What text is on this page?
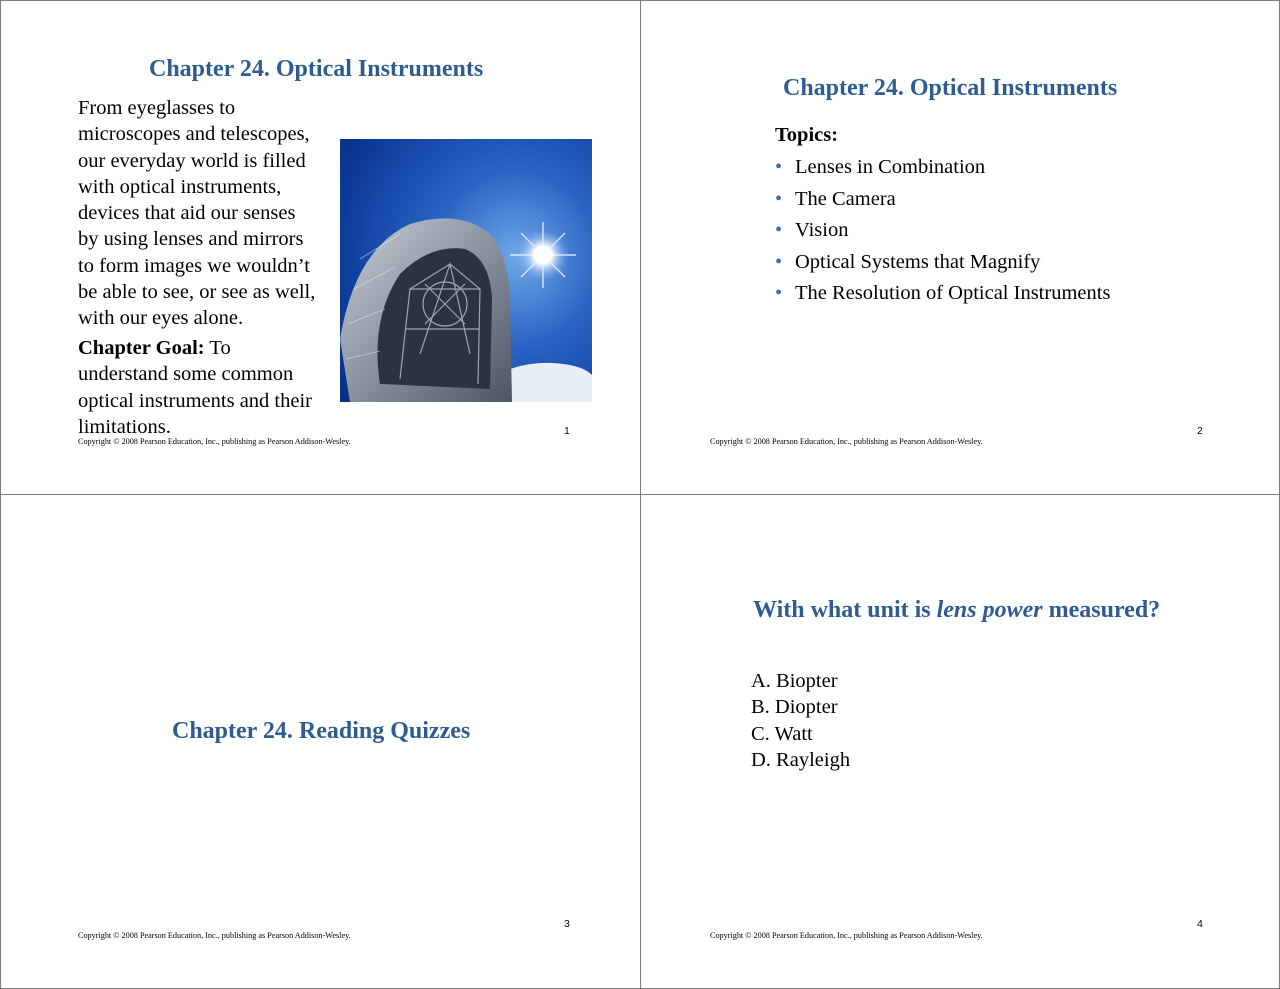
Chapter 24. Optical Instruments
From eyeglasses to
microscopes and telescopes,
our everyday world is filled
with optical instruments,
devices that aid our senses
by using lenses and mirrors
to form images we wouldn’t
be able to see, or see as well,
with our eyes alone.
Chapter Goal: To
understand some common
optical instruments and their
limitations.
Copyright © 2008 Pearson Education, Inc., publishing as Pearson Addison-Wesley.
1
Chapter 24. Optical Instruments
Topics:
• Lenses in Combination
• The Camera
• Vision
• Optical Systems that Magnify
• The Resolution of Optical Instruments
Copyright © 2008 Pearson Education, Inc., publishing as Pearson Addison-Wesley.
2
Chapter 24. Reading Quizzes
3
Copyright © 2008 Pearson Education, Inc., publishing as Pearson Addison-Wesley.
With what unit is lens power measured?
A. Biopter
B. Diopter
C. Watt
D. Rayleigh
4
Copyright © 2008 Pearson Education, Inc., publishing as Pearson Addison-Wesley.
